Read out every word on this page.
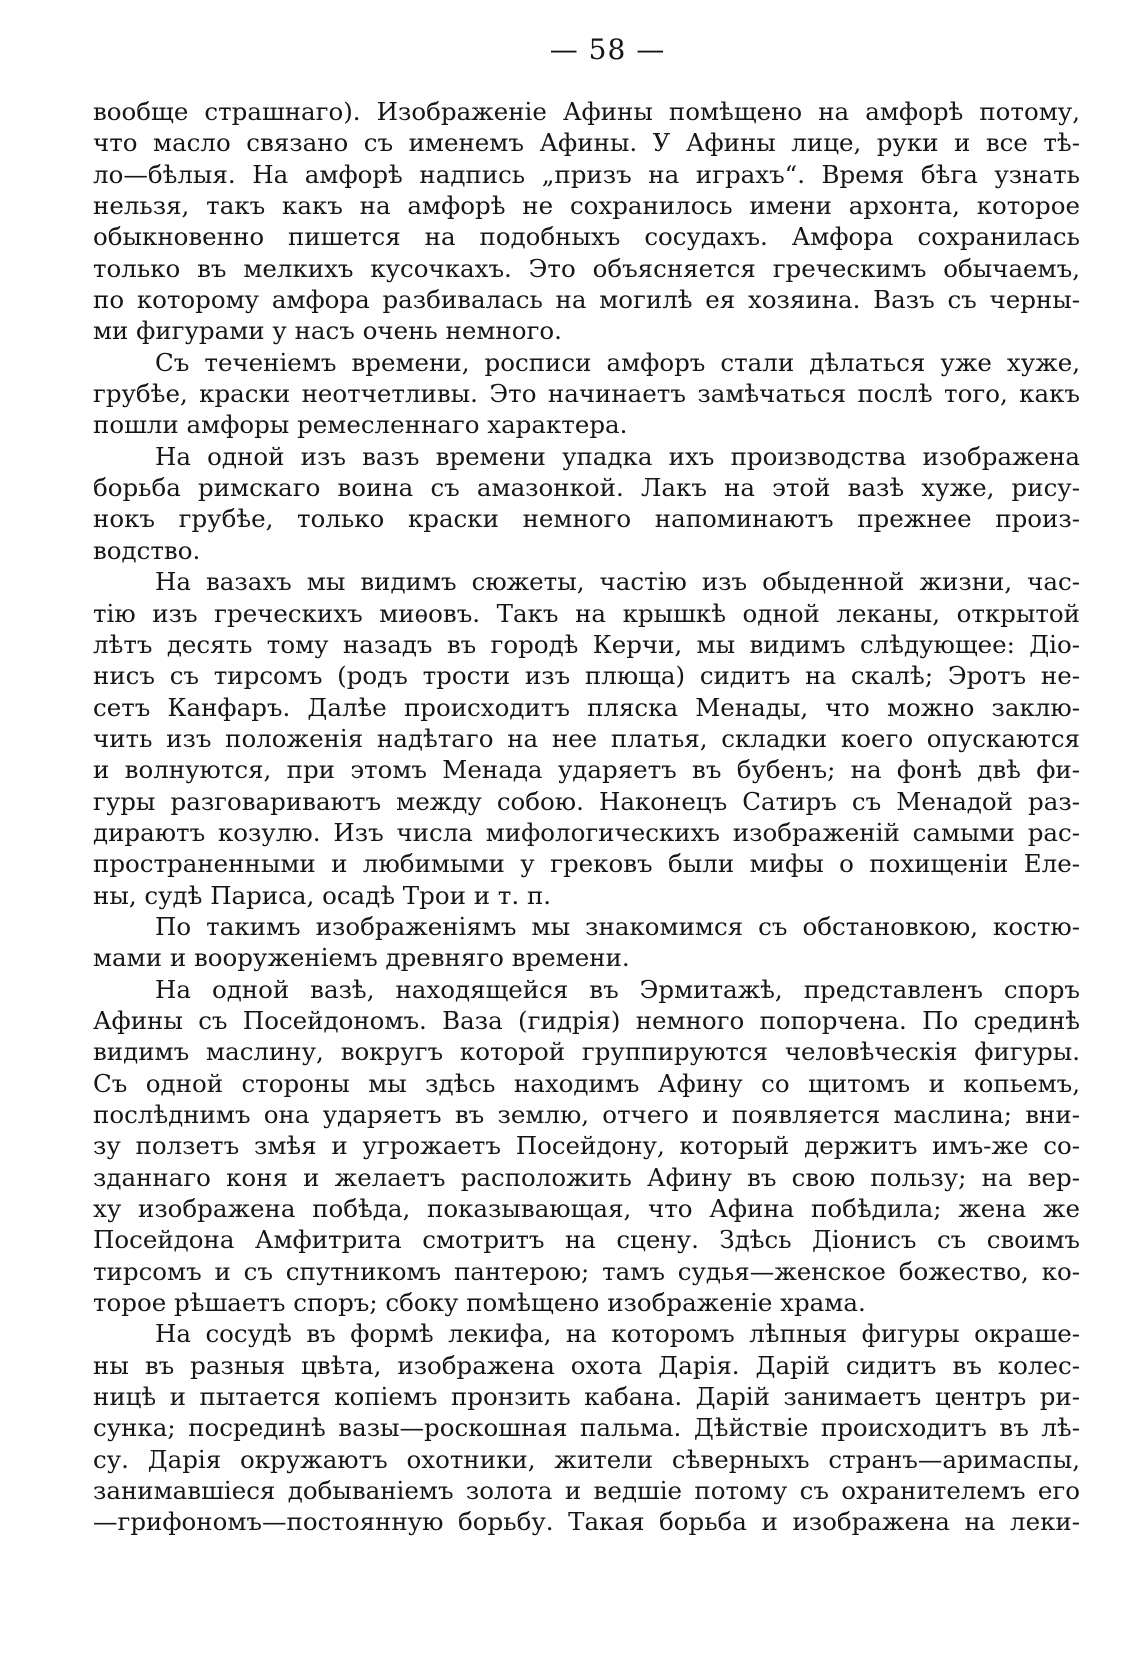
— 58 —
вообще страшнаго). Изображеніе Афины помѣщено на амфорѣ потому,
что масло связано съ именемъ Афины. У Афины лице, руки и все тѣ-
ло—бѣлыя. На амфорѣ надпись „призъ на играхъ“. Время бѣга узнать
нельзя, такъ какъ на амфорѣ не сохранилось имени архонта, которое
обыкновенно пишется на подобныхъ сосудахъ. Амфора сохранилась
только въ мелкихъ кусочкахъ. Это объясняется греческимъ обычаемъ,
по которому амфора разбивалась на могилѣ ея хозяина. Вазъ съ черны-
ми фигурами у насъ очень немного.
Съ теченіемъ времени, росписи амфоръ стали дѣлаться уже хуже,
грубѣе, краски неотчетливы. Это начинаетъ замѣчаться послѣ того, какъ
пошли амфоры ремесленнаго характера.
На одной изъ вазъ времени упадка ихъ производства изображена
борьба римскаго воина съ амазонкой. Лакъ на этой вазѣ хуже, рису-
нокъ грубѣе, только краски немного напоминаютъ прежнее произ-
водство.
На вазахъ мы видимъ сюжеты, частію изъ обыденной жизни, час-
тію изъ греческихъ миѳовъ. Такъ на крышкѣ одной леканы, открытой
лѣтъ десять тому назадъ въ городѣ Керчи, мы видимъ слѣдующее: Діо-
нисъ съ тирсомъ (родъ трости изъ плюща) сидитъ на скалѣ; Эротъ не-
сетъ Канфаръ. Далѣе происходитъ пляска Менады, что можно заклю-
чить изъ положенія надѣтаго на нее платья, складки коего опускаются
и волнуются, при этомъ Менада ударяетъ въ бубенъ; на фонѣ двѣ фи-
гуры разговариваютъ между собою. Наконецъ Сатиръ съ Менадой раз-
дираютъ козулю. Изъ числа мифологическихъ изображеній самыми рас-
пространенными и любимыми у грековъ были мифы о похищеніи Еле-
ны, судѣ Париса, осадѣ Трои и т. п.
По такимъ изображеніямъ мы знакомимся съ обстановкою, костю-
мами и вооруженіемъ древняго времени.
На одной вазѣ, находящейся въ Эрмитажѣ, представленъ споръ
Афины съ Посейдономъ. Ваза (гидрія) немного попорчена. По срединѣ
видимъ маслину, вокругъ которой группируются человѣческія фигуры.
Съ одной стороны мы здѣсь находимъ Афину со щитомъ и копьемъ,
послѣднимъ она ударяетъ въ землю, отчего и появляется маслина; вни-
зу ползетъ змѣя и угрожаетъ Посейдону, который держитъ имъ-же со-
зданнаго коня и желаетъ расположить Афину въ свою пользу; на вер-
ху изображена побѣда, показывающая, что Афина побѣдила; жена же
Посейдона Амфитрита смотритъ на сцену. Здѣсь Діонисъ съ своимъ
тирсомъ и съ спутникомъ пантерою; тамъ судья—женское божество, ко-
торое рѣшаетъ споръ; сбоку помѣщено изображеніе храма.
На сосудѣ въ формѣ лекифа, на которомъ лѣпныя фигуры окраше-
ны въ разныя цвѣта, изображена охота Дарія. Дарій сидитъ въ колес-
ницѣ и пытается копіемъ пронзить кабана. Дарій занимаетъ центръ ри-
сунка; посрединѣ вазы—роскошная пальма. Дѣйствіе происходитъ въ лѣ-
су. Дарія окружаютъ охотники, жители сѣверныхъ странъ—аримаспы,
занимавшіеся добываніемъ золота и ведшіе потому съ охранителемъ его
—грифономъ—постоянную борьбу. Такая борьба и изображена на леки-
